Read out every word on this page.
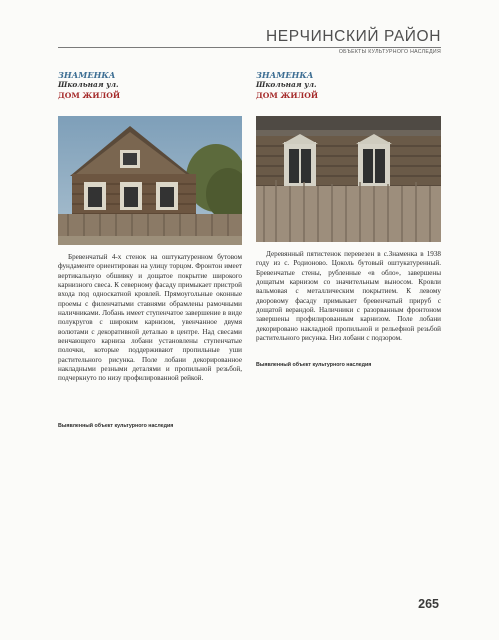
НЕРЧИНСКИЙ РАЙОН
ОБЪЕКТЫ КУЛЬТУРНОГО НАСЛЕДИЯ
ЗНАМЕНКА
Школьная ул.
ДОМ ЖИЛОЙ

Бревенчатый 4-х стенок на оштукатуренном бутовом фундаменте ориентирован на улицу торцом. Фронтон имеет вертикальную обшивку и дощатое покрытие широкого карнизного свеса. К северному фасаду примыкает пристрой входа под односкатной кровлей. Прямоугольные оконные проемы с филенчатыми ставнями обрамлены рамочными наличниками. Лобань имеет ступенчатое завершение в виде полукругов с широким карнизом, увенчанное двумя волютами с декоративной деталью в центре. Над свесами венчающего карниза лобани установлены ступенчатые полочки, которые поддерживают пропильные уши растительного рисунка. Поле лобани декорированное накладными резными деталями и пропильной резьбой, подчеркнуто по низу профилированной рейкой.

Выявленный объект культурного наследия
ЗНАМЕНКА
Школьная ул.
ДОМ ЖИЛОЙ

Деревянный пятистенок перевезен в с.Знаменка в 1938 году из с. Родионово. Цоколь бутовый оштукатуренный. Бревенчатые стены, рубленные «в обло», завершены дощатым карнизом со значительным выносом. Кровли вальмовая с металлическим покрытием. К левому дворовому фасаду примыкает бревенчатый прируб с дощатой верандой. Наличники с разорванным фронтоном завершены профилированным карнизом. Поле лобани декорировано накладной пропильной и рельефной резьбой растительного рисунка. Низ лобани с подзором.

Выявленный объект культурного наследия
265
